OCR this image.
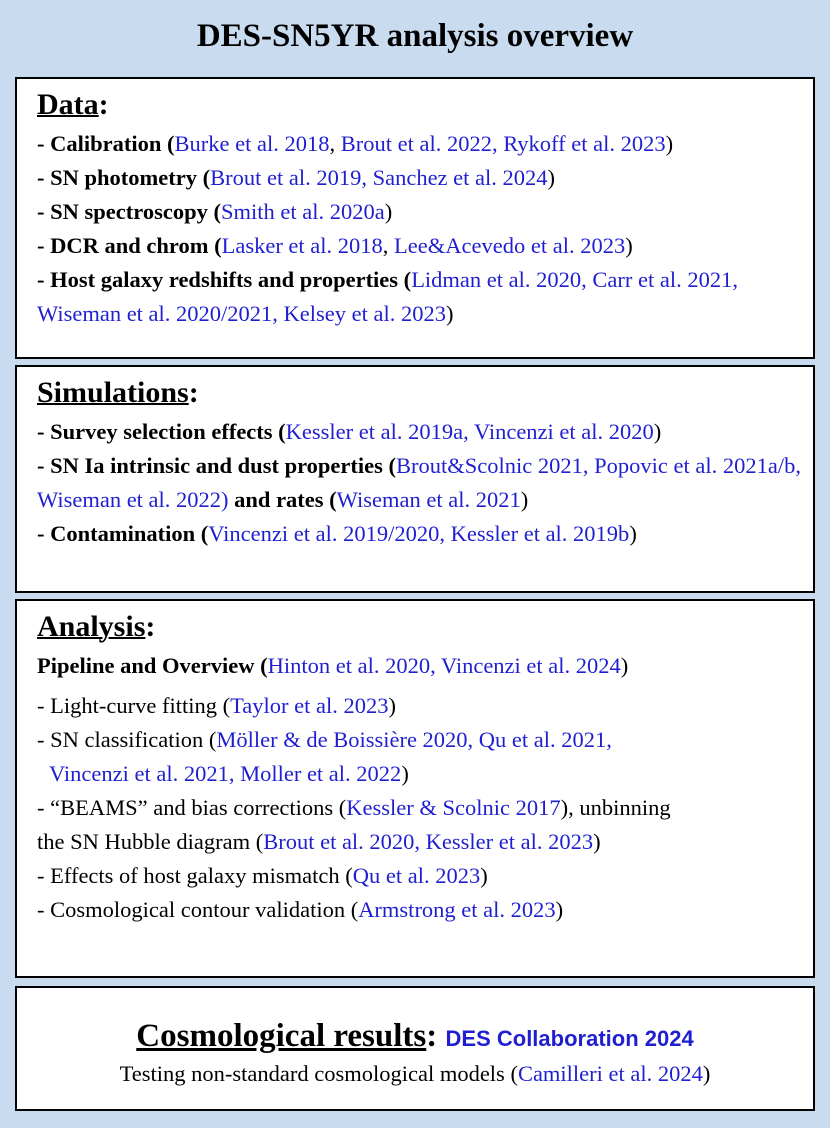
DES-SN5YR analysis overview
Data:
- Calibration (Burke et al. 2018, Brout et al. 2022, Rykoff et al. 2023)
- SN photometry (Brout et al. 2019, Sanchez et al. 2024)
- SN spectroscopy (Smith et al. 2020a)
- DCR and chrom (Lasker et al. 2018, Lee&Acevedo et al. 2023)
- Host galaxy redshifts and properties (Lidman et al. 2020, Carr et al. 2021, Wiseman et al. 2020/2021, Kelsey et al. 2023)
Simulations:
- Survey selection effects (Kessler et al. 2019a, Vincenzi et al. 2020)
- SN Ia intrinsic and dust properties (Brout&Scolnic 2021, Popovic et al. 2021a/b, Wiseman et al. 2022) and rates (Wiseman et al. 2021)
- Contamination (Vincenzi et al. 2019/2020, Kessler et al. 2019b)
Analysis:
Pipeline and Overview (Hinton et al. 2020, Vincenzi et al. 2024)
- Light-curve fitting (Taylor et al. 2023)
- SN classification (Möller & de Boissière 2020, Qu et al. 2021,
Vincenzi et al. 2021, Moller et al. 2022)
- “BEAMS” and bias corrections (Kessler & Scolnic 2017), unbinning
the SN Hubble diagram (Brout et al. 2020, Kessler et al. 2023)
- Effects of host galaxy mismatch (Qu et al. 2023)
- Cosmological contour validation (Armstrong et al. 2023)
Cosmological results: DES Collaboration 2024
Testing non-standard cosmological models (Camilleri et al. 2024)
